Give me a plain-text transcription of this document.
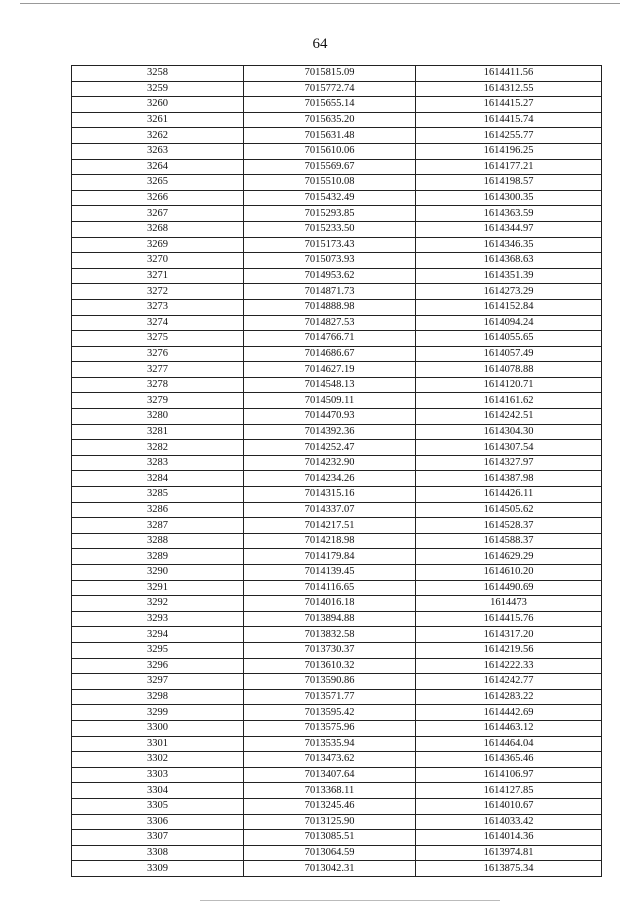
64
3258	7015815.09	1614411.56
3259	7015772.74	1614312.55
3260	7015655.14	1614415.27
3261	7015635.20	1614415.74
3262	7015631.48	1614255.77
3263	7015610.06	1614196.25
3264	7015569.67	1614177.21
3265	7015510.08	1614198.57
3266	7015432.49	1614300.35
3267	7015293.85	1614363.59
3268	7015233.50	1614344.97
3269	7015173.43	1614346.35
3270	7015073.93	1614368.63
3271	7014953.62	1614351.39
3272	7014871.73	1614273.29
3273	7014888.98	1614152.84
3274	7014827.53	1614094.24
3275	7014766.71	1614055.65
3276	7014686.67	1614057.49
3277	7014627.19	1614078.88
3278	7014548.13	1614120.71
3279	7014509.11	1614161.62
3280	7014470.93	1614242.51
3281	7014392.36	1614304.30
3282	7014252.47	1614307.54
3283	7014232.90	1614327.97
3284	7014234.26	1614387.98
3285	7014315.16	1614426.11
3286	7014337.07	1614505.62
3287	7014217.51	1614528.37
3288	7014218.98	1614588.37
3289	7014179.84	1614629.29
3290	7014139.45	1614610.20
3291	7014116.65	1614490.69
3292	7014016.18	1614473
3293	7013894.88	1614415.76
3294	7013832.58	1614317.20
3295	7013730.37	1614219.56
3296	7013610.32	1614222.33
3297	7013590.86	1614242.77
3298	7013571.77	1614283.22
3299	7013595.42	1614442.69
3300	7013575.96	1614463.12
3301	7013535.94	1614464.04
3302	7013473.62	1614365.46
3303	7013407.64	1614106.97
3304	7013368.11	1614127.85
3305	7013245.46	1614010.67
3306	7013125.90	1614033.42
3307	7013085.51	1614014.36
3308	7013064.59	1613974.81
3309	7013042.31	1613875.34
